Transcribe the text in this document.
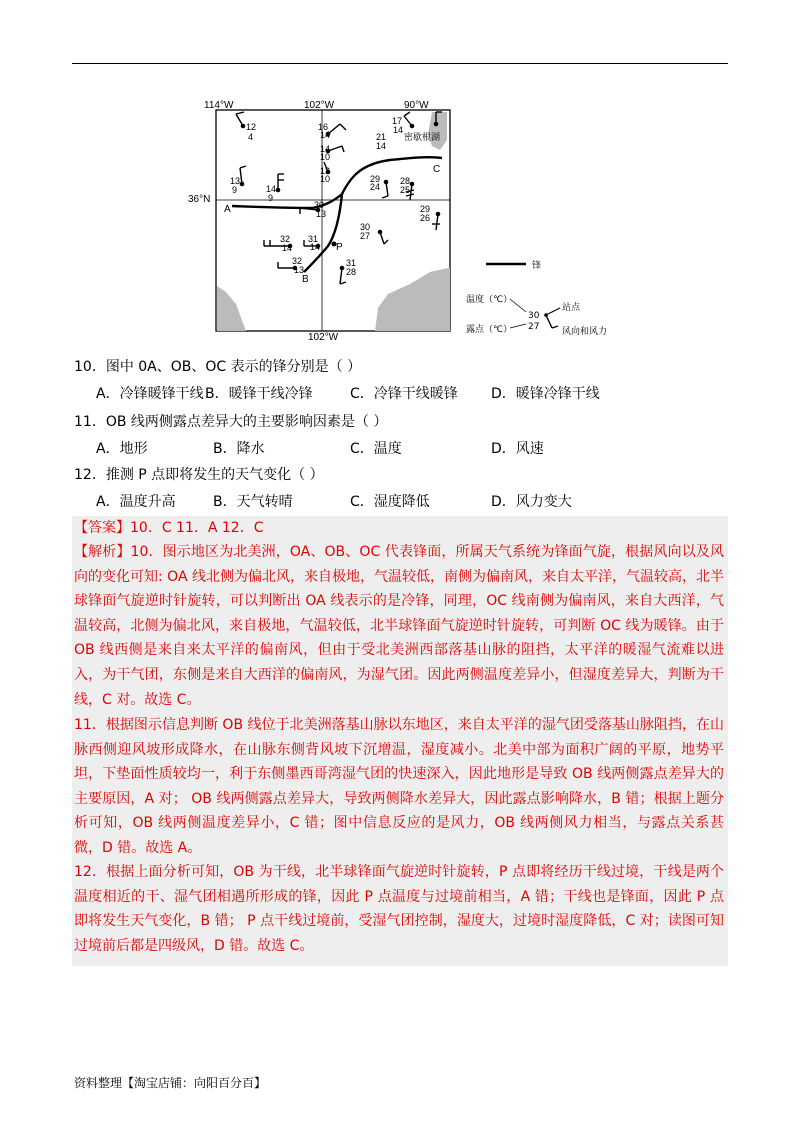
12
4
16
14
17
14
21
14
14
10
13
9
13
10
14
9
29
24
28
25
30
13	29
26
30
27
32
14
31
14
32
13
31
28
114°W	102°W	90°W
102°W
36°N
A
B
C
P
密歇根湖
锋
温度（℃）
露点（℃）
30
27
站点
风向和风力
10．图中 0A、OB、OC 表示的锋分别是（ ）
A．冷锋暖锋干线 B．暖锋干线冷锋	C．冷锋干线暖锋 D．暖锋冷锋干线
11．OB 线两侧露点差异大的主要影响因素是（ ）
A．地形	B．降水	C．温度	D．风速
12．推测 P 点即将发生的天气变化（ ）
A．温度升高	B．天气转晴	C．湿度降低	D．风力变大
【答案】10．C 11．A 12．C
【解析】10．图示地区为北美洲，OA、OB、OC 代表锋面，所属天气系统为锋面气旋，根据风向以及风向的变化可知: OA 线北侧为偏北风，来自极地，气温较低，南侧为偏南风，来自太平洋，气温较高，北半球锋面气旋逆时针旋转，可以判断出 OA 线表示的是冷锋，同理，OC 线南侧为偏南风，来自大西洋，气温较高，北侧为偏北风，来自极地，气温较低，北半球锋面气旋逆时针旋转，可判断 OC 线为暖锋。由于 OB 线西侧是来自来太平洋的偏南风，但由于受北美洲西部落基山脉的阻挡，太平洋的暖湿气流难以进入，为干气团，东侧是来自大西洋的偏南风，为湿气团。因此两侧温度差异小，但湿度差异大，判断为干线，C 对。故选 C。
11．根据图示信息判断 OB 线位于北美洲落基山脉以东地区，来自太平洋的湿气团受落基山脉阻挡，在山脉西侧迎风坡形成降水，在山脉东侧背风坡下沉增温，湿度减小。北美中部为面积广阔的平原，地势平坦，下垫面性质较均一，利于东侧墨西哥湾湿气团的快速深入，因此地形是导致 OB 线两侧露点差异大的主要原因，A 对； OB 线两侧露点差异大，导致两侧降水差异大，因此露点影响降水，B 错；根据上题分析可知，OB 线两侧温度差异小，C 错；图中信息反应的是风力，OB 线两侧风力相当，与露点关系甚微，D 错。故选 A。
12．根据上面分析可知，OB 为干线，北半球锋面气旋逆时针旋转，P 点即将经历干线过境，干线是两个温度相近的干、湿气团相遇所形成的锋，因此 P 点温度与过境前相当，A 错；干线也是锋面，因此 P 点即将发生天气变化，B 错； P 点干线过境前，受湿气团控制，湿度大，过境时湿度降低，C 对；读图可知过境前后都是四级风，D 错。故选 C。
资料整理【淘宝店铺：向阳百分百】
